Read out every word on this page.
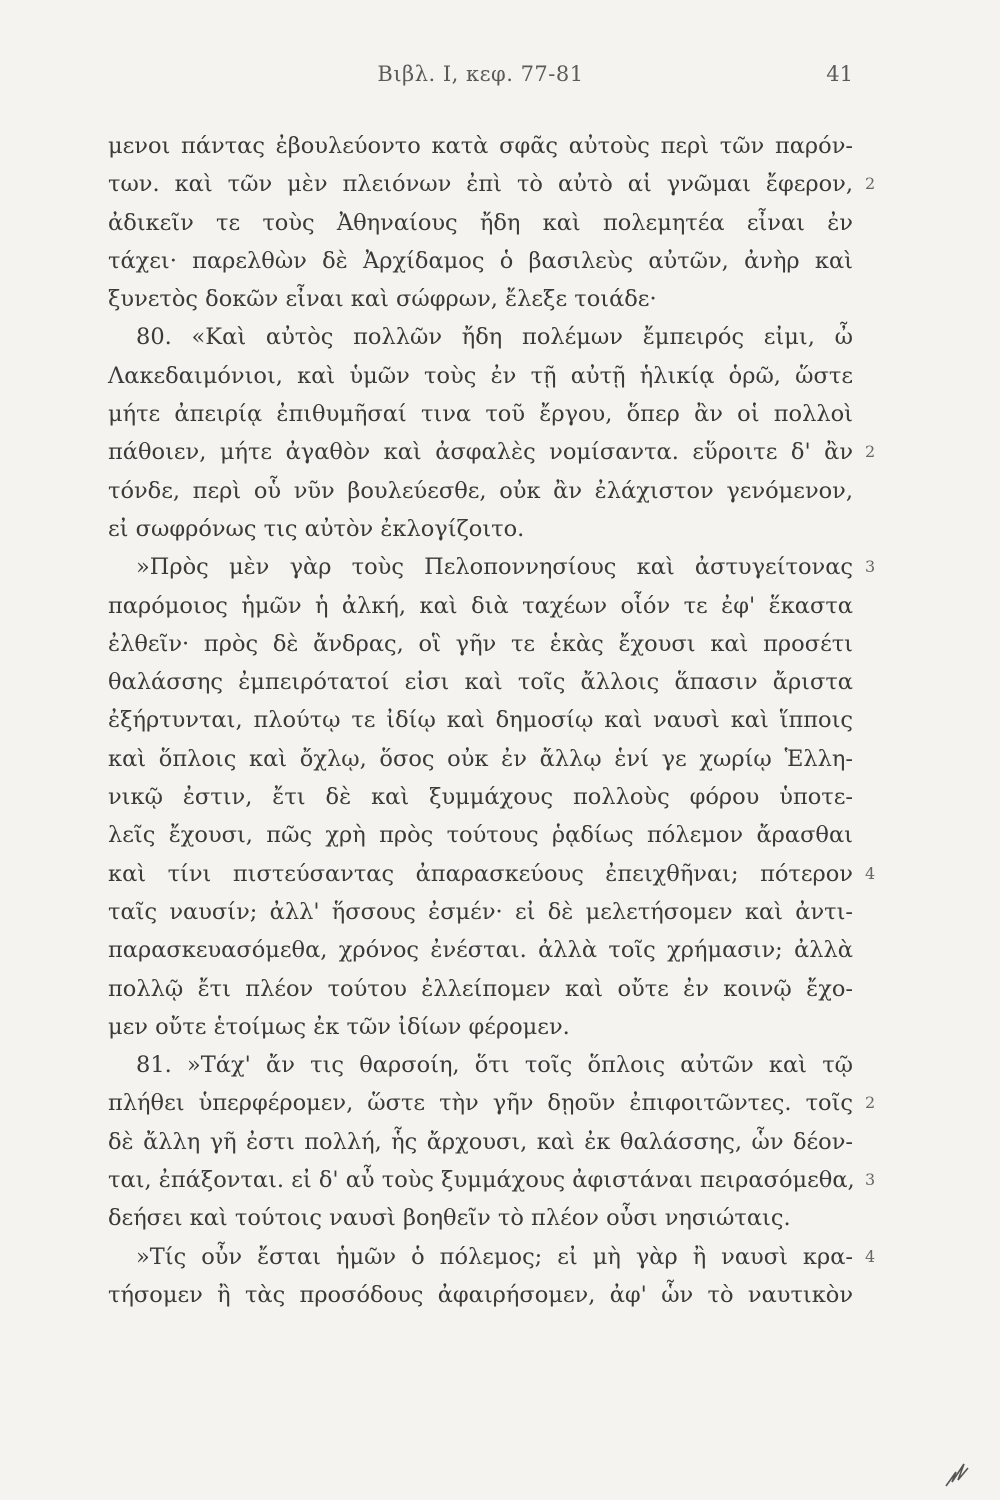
Βιβλ. Ι, κεφ. 77-81	41
μενοι πάντας ἐβουλεύοντο κατὰ σφᾶς αὐτοὺς περὶ τῶν παρόν-
των. καὶ τῶν μὲν πλειόνων ἐπὶ τὸ αὐτὸ αἱ γνῶμαι ἔφερον, 2
ἀδικεῖν τε τοὺς Ἀθηναίους ἤδη καὶ πολεμητέα εἶναι ἐν
τάχει· παρελθὼν δὲ Ἀρχίδαμος ὁ βασιλεὺς αὐτῶν, ἀνὴρ καὶ
ξυνετὸς δοκῶν εἶναι καὶ σώφρων, ἔλεξε τοιάδε·
80. «Καὶ αὐτὸς πολλῶν ἤδη πολέμων ἔμπειρός εἰμι, ὦ
Λακεδαιμόνιοι, καὶ ὑμῶν τοὺς ἐν τῇ αὐτῇ ἡλικίᾳ ὁρῶ, ὥστε
μήτε ἀπειρίᾳ ἐπιθυμῆσαί τινα τοῦ ἔργου, ὅπερ ἂν οἱ πολλοὶ
πάθοιεν, μήτε ἀγαθὸν καὶ ἀσφαλὲς νομίσαντα. εὕροιτε δ' ἂν 2
τόνδε, περὶ οὗ νῦν βουλεύεσθε, οὐκ ἂν ἐλάχιστον γενόμενον,
εἰ σωφρόνως τις αὐτὸν ἐκλογίζοιτο.
»Πρὸς μὲν γὰρ τοὺς Πελοποννησίους καὶ ἀστυγείτονας 3
παρόμοιος ἡμῶν ἡ ἀλκή, καὶ διὰ ταχέων οἷόν τε ἐφ' ἕκαστα
ἐλθεῖν· πρὸς δὲ ἄνδρας, οἳ γῆν τε ἑκὰς ἔχουσι καὶ προσέτι
θαλάσσης ἐμπειρότατοί εἰσι καὶ τοῖς ἄλλοις ἅπασιν ἄριστα
ἐξήρτυνται, πλούτῳ τε ἰδίῳ καὶ δημοσίῳ καὶ ναυσὶ καὶ ἵπποις
καὶ ὅπλοις καὶ ὄχλῳ, ὅσος οὐκ ἐν ἄλλῳ ἑνί γε χωρίῳ Ἑλλη-
νικῷ ἐστιν, ἔτι δὲ καὶ ξυμμάχους πολλοὺς φόρου ὑποτε-
λεῖς ἔχουσι, πῶς χρὴ πρὸς τούτους ῥᾳδίως πόλεμον ἄρασθαι
καὶ τίνι πιστεύσαντας ἀπαρασκεύους ἐπειχθῆναι; πότερον 4
ταῖς ναυσίν; ἀλλ' ἥσσους ἐσμέν· εἰ δὲ μελετήσομεν καὶ ἀντι-
παρασκευασόμεθα, χρόνος ἐνέσται. ἀλλὰ τοῖς χρήμασιν; ἀλλὰ
πολλῷ ἔτι πλέον τούτου ἐλλείπομεν καὶ οὔτε ἐν κοινῷ ἔχο-
μεν οὔτε ἑτοίμως ἐκ τῶν ἰδίων φέρομεν.
81. »Τάχ' ἄν τις θαρσοίη, ὅτι τοῖς ὅπλοις αὐτῶν καὶ τῷ
πλήθει ὑπερφέρομεν, ὥστε τὴν γῆν δῃοῦν ἐπιφοιτῶντες. τοῖς 2
δὲ ἄλλη γῆ ἐστι πολλή, ἧς ἄρχουσι, καὶ ἐκ θαλάσσης, ὧν δέον-
ται, ἐπάξονται. εἰ δ' αὖ τοὺς ξυμμάχους ἀφιστάναι πειρασόμεθα, 3
δεήσει καὶ τούτοις ναυσὶ βοηθεῖν τὸ πλέον οὖσι νησιώταις.
»Τίς οὖν ἔσται ἡμῶν ὁ πόλεμος; εἰ μὴ γὰρ ἢ ναυσὶ κρα- 4
τήσομεν ἢ τὰς προσόδους ἀφαιρήσομεν, ἀφ' ὧν τὸ ναυτικὸν
